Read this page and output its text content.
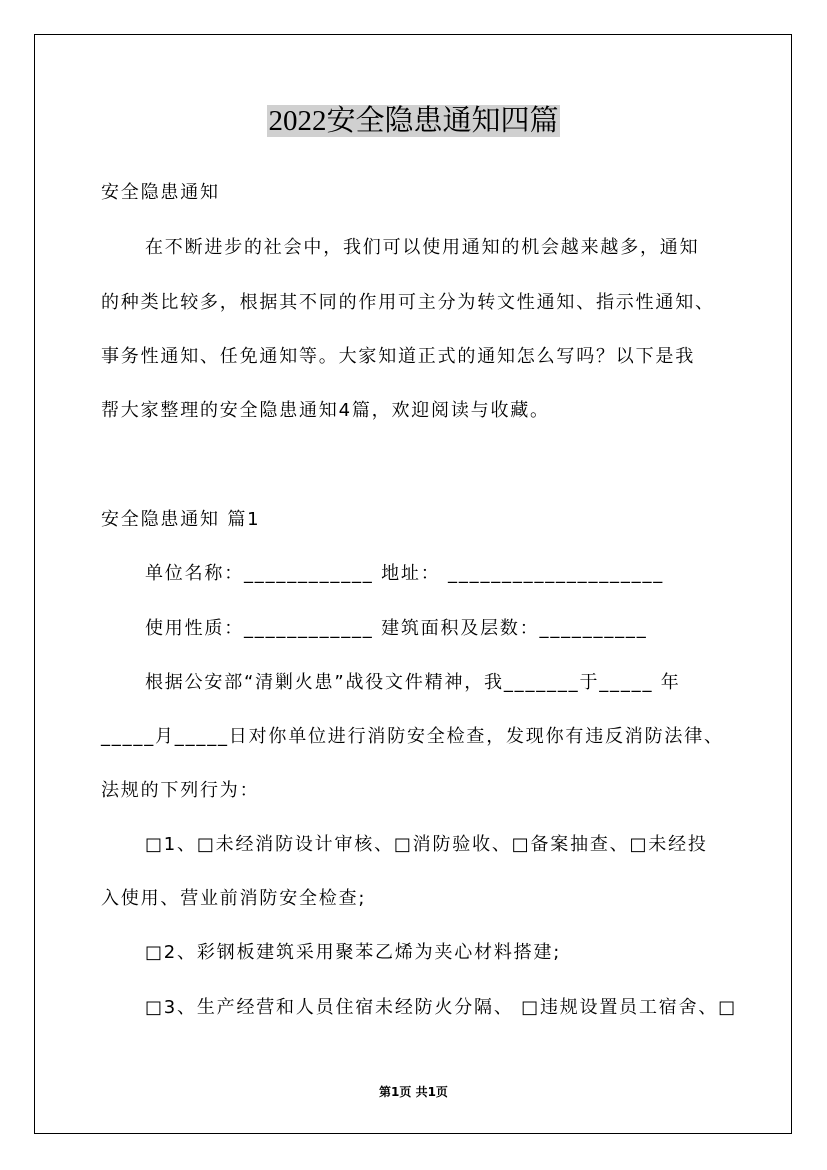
2022安全隐患通知四篇
安全隐患通知
在不断进步的社会中，我们可以使用通知的机会越来越多，通知
的种类比较多，根据其不同的作用可主分为转文性通知、指示性通知、
事务性通知、任免通知等。大家知道正式的通知怎么写吗？以下是我
帮大家整理的安全隐患通知4篇，欢迎阅读与收藏。
安全隐患通知 篇1
单位名称：____________ 地址： ____________________
使用性质：____________ 建筑面积及层数：__________
根据公安部“清剿火患”战役文件精神，我_______于_____ 年
_____月_____日对你单位进行消防安全检查，发现你有违反消防法律、
法规的下列行为：
□1、□未经消防设计审核、□消防验收、□备案抽查、□未经投
入使用、营业前消防安全检查;
□2、彩钢板建筑采用聚苯乙烯为夹心材料搭建;
□3、生产经营和人员住宿未经防火分隔、 □违规设置员工宿舍、□
第1页 共1页
